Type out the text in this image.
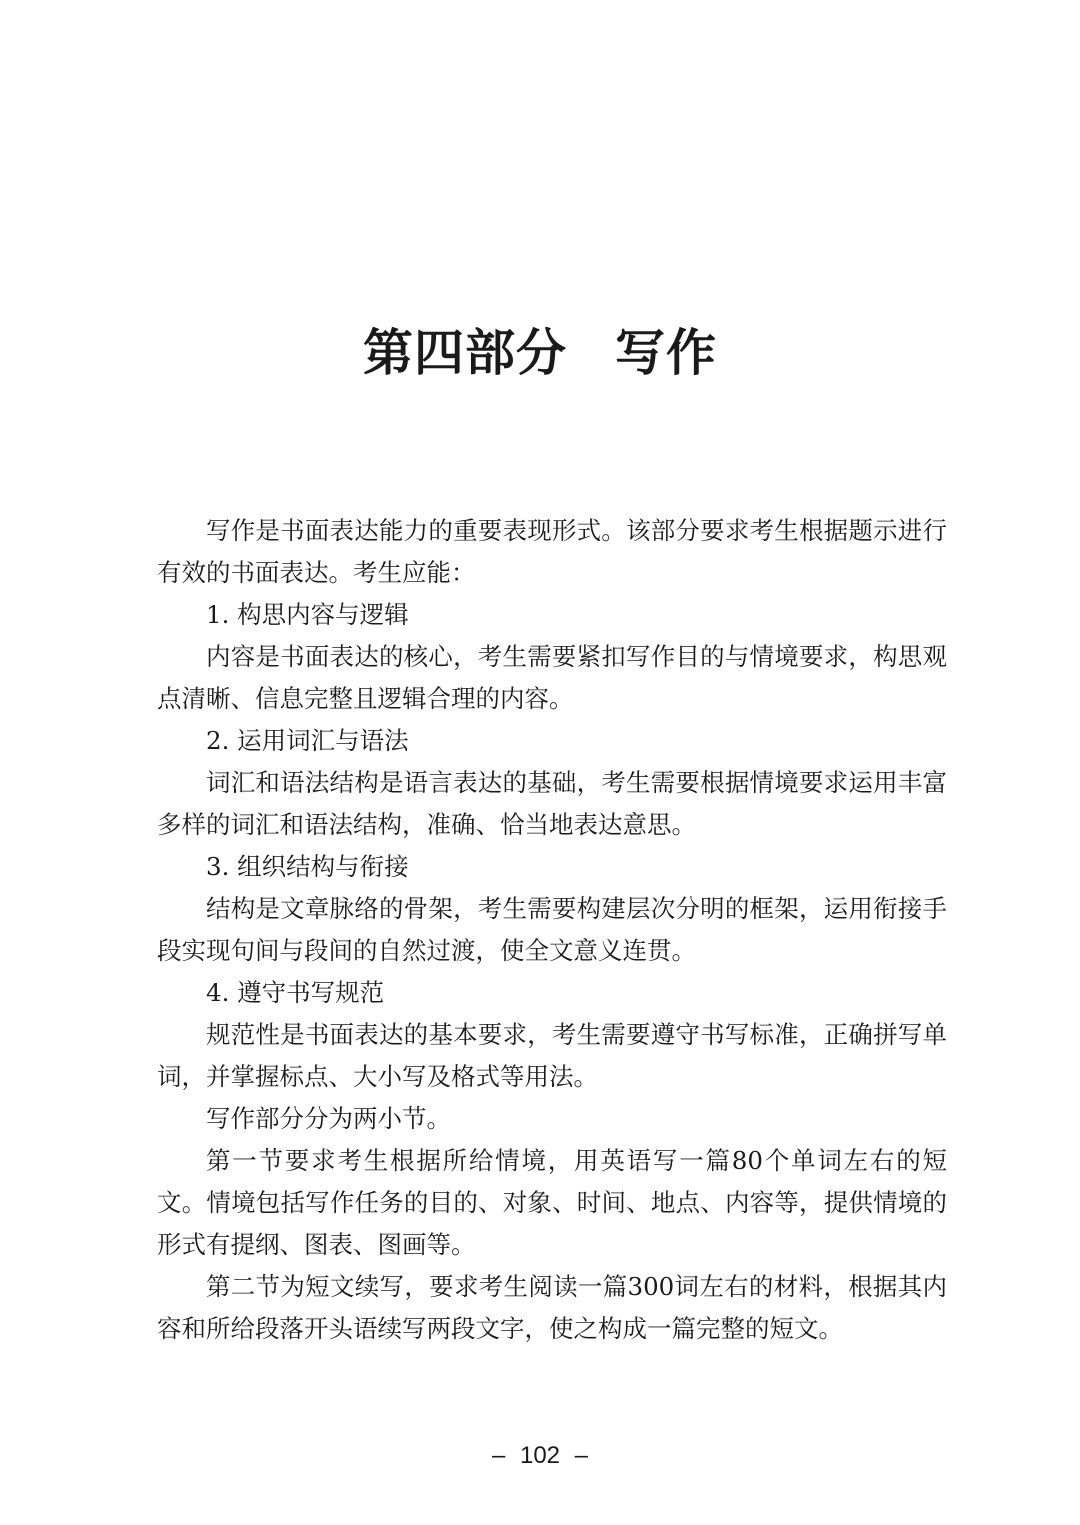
第四部分 写作

写作是书面表达能力的重要表现形式。该部分要求考生根据题示进行有效的书面表达。考生应能：

1. 构思内容与逻辑

内容是书面表达的核心，考生需要紧扣写作目的与情境要求，构思观点清晰、信息完整且逻辑合理的内容。

2. 运用词汇与语法

词汇和语法结构是语言表达的基础，考生需要根据情境要求运用丰富多样的词汇和语法结构，准确、恰当地表达意思。

3. 组织结构与衔接

结构是文章脉络的骨架，考生需要构建层次分明的框架，运用衔接手段实现句间与段间的自然过渡，使全文意义连贯。

4. 遵守书写规范

规范性是书面表达的基本要求，考生需要遵守书写标准，正确拼写单词，并掌握标点、大小写及格式等用法。

写作部分分为两小节。

第一节要求考生根据所给情境，用英语写一篇80个单词左右的短文。情境包括写作任务的目的、对象、时间、地点、内容等，提供情境的形式有提纲、图表、图画等。

第二节为短文续写，要求考生阅读一篇300词左右的材料，根据其内容和所给段落开头语续写两段文字，使之构成一篇完整的短文。

– 102 –
